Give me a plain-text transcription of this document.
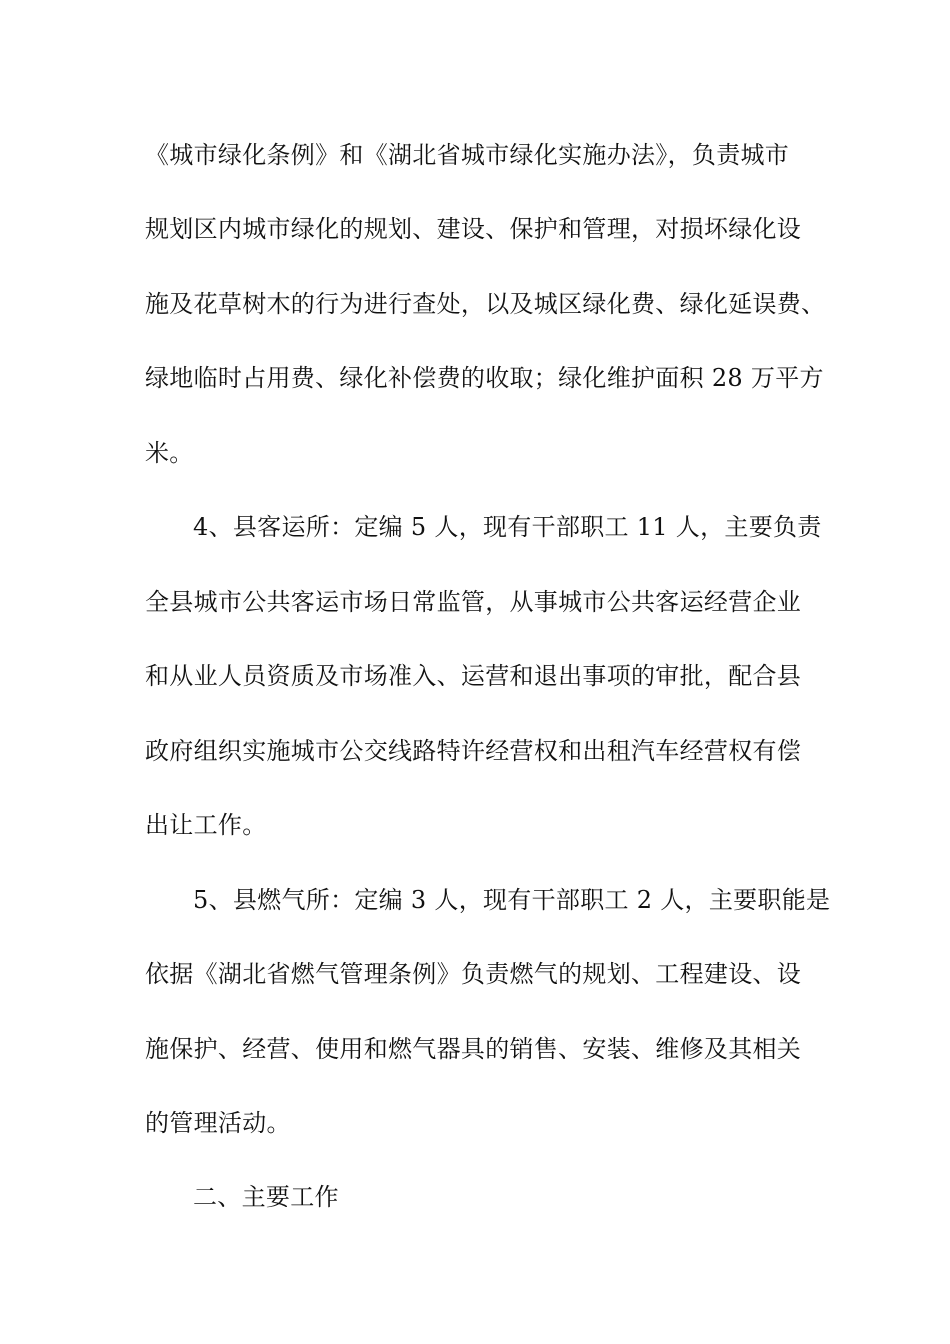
《城市绿化条例》和《湖北省城市绿化实施办法》，负责城市
规划区内城市绿化的规划、建设、保护和管理，对损坏绿化设
施及花草树木的行为进行查处，以及城区绿化费、绿化延误费、
绿地临时占用费、绿化补偿费的收取；绿化维护面积 28 万平方
米。
4、县客运所：定编 5 人，现有干部职工 11 人，主要负责
全县城市公共客运市场日常监管，从事城市公共客运经营企业
和从业人员资质及市场准入、运营和退出事项的审批，配合县
政府组织实施城市公交线路特许经营权和出租汽车经营权有偿
出让工作。
5、县燃气所：定编 3 人，现有干部职工 2 人，主要职能是
依据《湖北省燃气管理条例》负责燃气的规划、工程建设、设
施保护、经营、使用和燃气器具的销售、安装、维修及其相关
的管理活动。
二、主要工作
